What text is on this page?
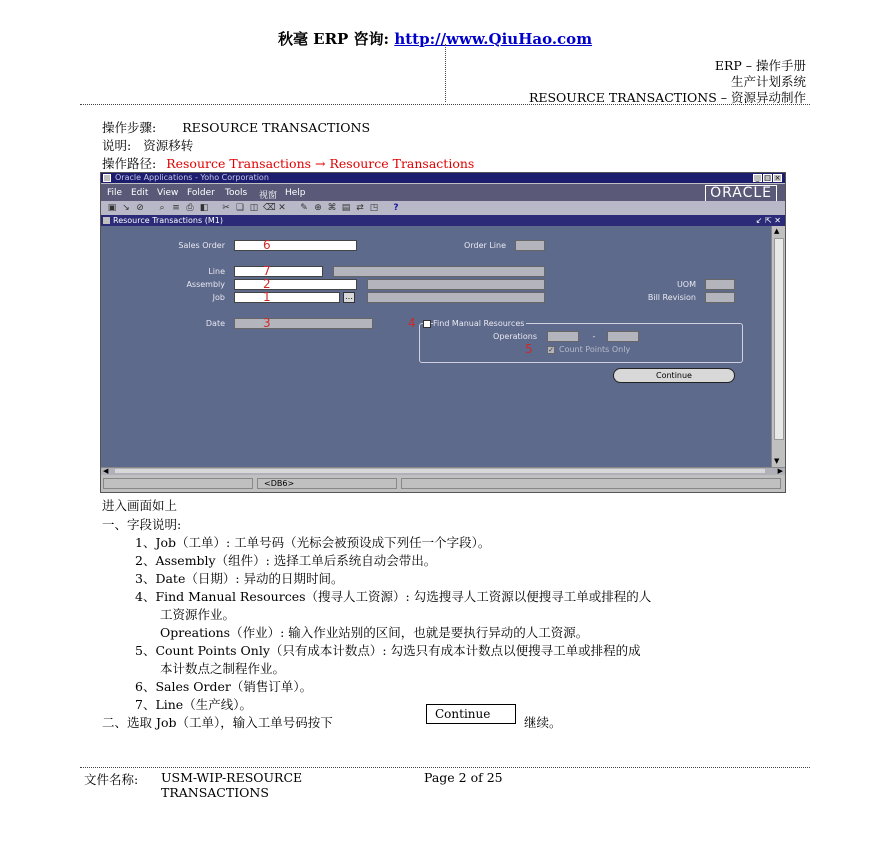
秋毫 ERP 咨询: http://www.QiuHao.com
ERP – 操作手册
生产计划系统
RESOURCE TRANSACTIONS – 资源异动制作
操作步骤: RESOURCE TRANSACTIONS
说明: 资源移转
操作路径: Resource Transactions → Resource Transactions
Oracle Applications - Yoho Corporation	_ □ ×
File Edit View Folder Tools 视窗 Help	ORACLE
▣ ↘ ⊘ ⌕ ≡ ⎙ ◧ ✂ ❏ ◫ ⌫ ✕ ✎ ⊕ ⌘ ▤ ⇄ ◳ ?
Resource Transactions (M1)	↙ ⇱ ✕
Sales Order	6	Order Line
Line	7
Assembly	2	UOM
Job	1	…	Bill Revision
Date	3	4 Find Manual Resources
Operations	-
5 ✓ Count Points Only
Continue
▲
▼
◀	▶
<DB6>
进入画面如上
一、字段说明:
1、Job（工单）: 工单号码（光标会被预设成下列任一个字段）。
2、Assembly（组件）: 选择工单后系统自动会带出。
3、Date（日期）: 异动的日期时间。
4、Find Manual Resources（搜寻人工资源）: 勾选搜寻人工资源以便搜寻工单或排程的人
工资源作业。
Opreations（作业）: 输入作业站别的区间，也就是要执行异动的人工资源。
5、Count Points Only（只有成本计数点）: 勾选只有成本计数点以便搜寻工单或排程的成
本计数点之制程作业。
6、Sales Order（销售订单）。
7、Line（生产线）。
二、选取 Job（工单），输入工单号码按下
Continue
继续。
文件名称: USM-WIP-RESOURCE
TRANSACTIONS
Page 2 of 25
